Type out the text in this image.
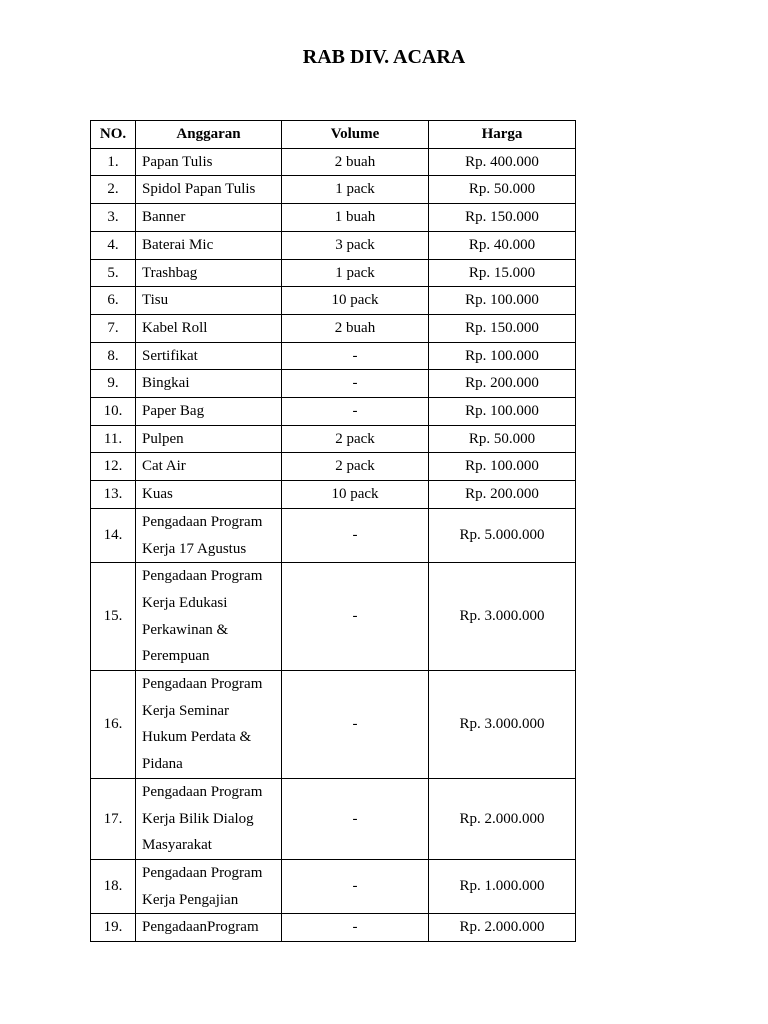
RAB DIV. ACARA
NO.	Anggaran	Volume	Harga
1.	Papan Tulis	2 buah	Rp. 400.000
2.	Spidol Papan Tulis	1 pack	Rp. 50.000
3.	Banner	1 buah	Rp. 150.000
4.	Baterai Mic	3 pack	Rp. 40.000
5.	Trashbag	1 pack	Rp. 15.000
6.	Tisu	10 pack	Rp. 100.000
7.	Kabel Roll	2 buah	Rp. 150.000
8.	Sertifikat	-	Rp. 100.000
9.	Bingkai	-	Rp. 200.000
10.	Paper Bag	-	Rp. 100.000
11.	Pulpen	2 pack	Rp. 50.000
12.	Cat Air	2 pack	Rp. 100.000
13.	Kuas	10 pack	Rp. 200.000
14.	Pengadaan Program Kerja 17 Agustus	-	Rp. 5.000.000
15.	Pengadaan Program Kerja Edukasi Perkawinan & Perempuan	-	Rp. 3.000.000
16.	Pengadaan Program Kerja Seminar Hukum Perdata & Pidana	-	Rp. 3.000.000
17.	Pengadaan Program Kerja Bilik Dialog Masyarakat	-	Rp. 2.000.000
18.	Pengadaan Program Kerja Pengajian	-	Rp. 1.000.000
19.	PengadaanProgram	-	Rp. 2.000.000
